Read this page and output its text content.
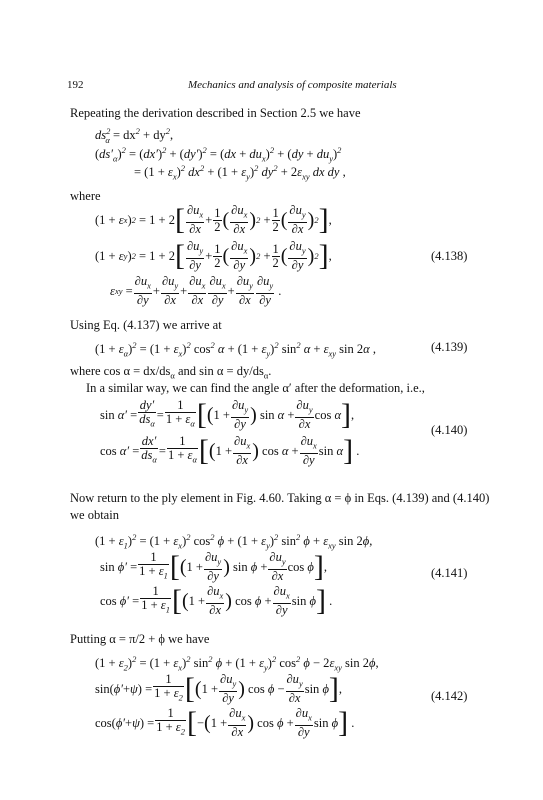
192	Mechanics and analysis of composite materials
Repeating the derivation described in Section 2.5 we have
$ds^2_\alpha = dx^2 + dy^2$,
$(ds'_\alpha)^2 = (dx')^2 + (dy')^2 = (dx + du_x)^2 + (dy + du_y)^2$
= $(1 + \varepsilon_x)^2$ $dx^2 + (1 + \varepsilon_y)^2$ $dy^2 + 2\varepsilon_{xy}$ dx dy ,
where
(1 + ε x ) 2
= 1 + 2 [ $\frac{\partial u_x}{\partial x} + \frac{1}{2}$ ( $\frac{\partial u_x}{\partial x}$ ) $2 + \frac{1}{2}$ ( $\frac{\partial u_y}{\partial x}$ ) 2 ] ,
(1 + ε y ) 2
= 1 + 2 [ $\frac{\partial u_y}{\partial y} + \frac{1}{2}$ ( $\frac{\partial u_x}{\partial y}$ ) $2 + \frac{1}{2}$ ( $\frac{\partial u_y}{\partial y}$ ) 2 ] ,	(4.138)
ε xy
= $\frac{\partial u_x}{\partial y} + \frac{\partial u_y}{\partial x} + \frac{\partial u_x}{\partial x} \frac{\partial u_x}{\partial y} + \frac{\partial u_y}{\partial x} \frac{\partial u_y}{\partial y}$ .
Using Eq. (4.137) we arrive at
$(1 + \varepsilon_\alpha)^2 = (1 + \varepsilon_x)^2$ $\cos^2 \alpha + (1 + \varepsilon_y)^2$ $\sin^2 \alpha + \varepsilon_{xy}$ sin 2α ,	(4.139)
where $\cos \alpha = dx/ds_\alpha$ and $\sin \alpha = dy/ds_\alpha$.
In a similar way, we can find the angle α′ after the deformation, i.e.,
$\sin \alpha' = \frac{dy'}{ds_\alpha} = \frac{1}{1 + \varepsilon_\alpha}$ [ ( $1 + \frac{\partial u_y}{\partial y}$ ) $\sin \alpha + \frac{\partial u_y}{\partial x}$ cos α ] ,
$\cos \alpha' = \frac{dx'}{ds_\alpha} = \frac{1}{1 + \varepsilon_\alpha}$ [ ( $1 + \frac{\partial u_x}{\partial x}$ ) $\cos \alpha + \frac{\partial u_x}{\partial y}$ sin α ] .
(4.140)
Now return to the ply element in Fig. 4.60. Taking α = ϕ in Eqs. (4.139) and (4.140)
we obtain
$(1 + \varepsilon_1)^2 = (1 + \varepsilon_x)^2$ $\cos^2 \phi + (1 + \varepsilon_y)^2$ $\sin^2 \phi + \varepsilon_{xy}$ sin 2ϕ,
$\sin \phi' = \frac{1}{1 + \varepsilon_1}$ [ ( $1 + \frac{\partial u_y}{\partial y}$ ) $\sin \phi + \frac{\partial u_y}{\partial x}$ cos ϕ ] ,
$\cos \phi' = \frac{1}{1 + \varepsilon_1}$ [ ( $1 + \frac{\partial u_x}{\partial x}$ ) $\cos \phi + \frac{\partial u_x}{\partial y}$ sin ϕ ] .
(4.141)
Putting α = π/2 + ϕ we have
$(1 + \varepsilon_2)^2 = (1 + \varepsilon_x)^2$ $\sin^2 \phi + (1 + \varepsilon_y)^2$ $\cos^2 \phi - 2\varepsilon_{xy}$ sin 2ϕ,
sin( ϕ′ + ψ )
= $\frac{1}{1 + \varepsilon_2}$ [ ( $1 + \frac{\partial u_y}{\partial y}$ ) $\cos \phi - \frac{\partial u_y}{\partial x}$ sin ϕ ] ,
cos( ϕ′ + ψ )
= $\frac{1}{1 + \varepsilon_2}$ [ − ( $1 + \frac{\partial u_x}{\partial x}$ ) $\cos \phi + \frac{\partial u_x}{\partial y}$ sin ϕ ] .
(4.142)
